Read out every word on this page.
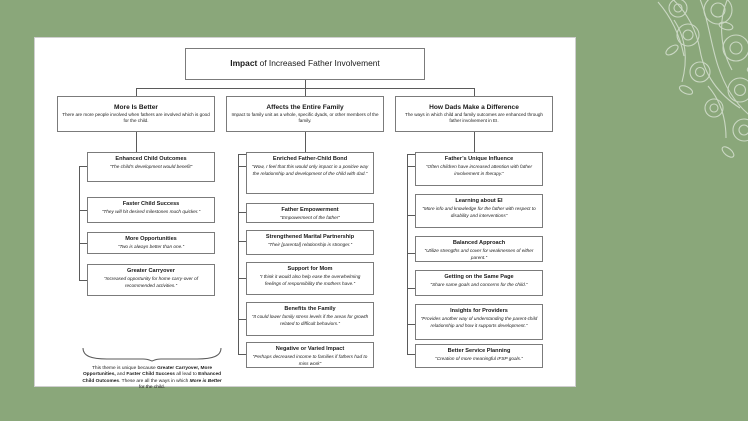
Impact of Increased Father Involvement
More Is Better
There are more people involved when fathers are involved which is good for the child.
Affects the Entire Family
Impact to family unit as a whole, specific dyads, or other members of the family.
How Dads Make a Difference
The ways in which child and family outcomes are enhanced through father involvement in EI.
Enhanced Child Outcomes
“The child’s development would benefit”
Faster Child Success
“They will hit desired milestones much quicker.”
More Opportunities
“Two is always better than one.”
Greater Carryover
“Increased opportunity for home carry-over of recommended activities.”
This theme is unique because Greater Carryover, More Opportunities, and Faster Child Success all lead to Enhanced Child Outcomes. These are all the ways in which More is Better for the child.
Enriched Father-Child Bond
“Wow, I feel that this would only impact in a positive way the relationship and development of the child with dad.”
Father Empowerment
“Empowerment of the father”
Strengthened Marital Partnership
“Their [parental] relationship is stronger.”
Support for Mom
“I think it would also help ease the overwhelming feelings of responsibility the mothers have.”
Benefits the Family
“It could lower family stress levels if the areas for growth related to difficult behaviors.”
Negative or Varied Impact
“Perhaps decreased income to families if fathers had to miss work”
Father’s Unique Influence
“Often children have increased attention with father involvement in therapy.”
Learning about EI
“More info and knowledge for the father with respect to disability and interventions”
Balanced Approach
“Utilize strengths and cover for weaknesses of either parent.”
Getting on the Same Page
“Share same goals and concerns for the child.”
Insights for Providers
“Provides another way of understanding the parent-child relationship and how it supports development.”
Better Service Planning
“Creation of more meaningful IFSP goals.”
